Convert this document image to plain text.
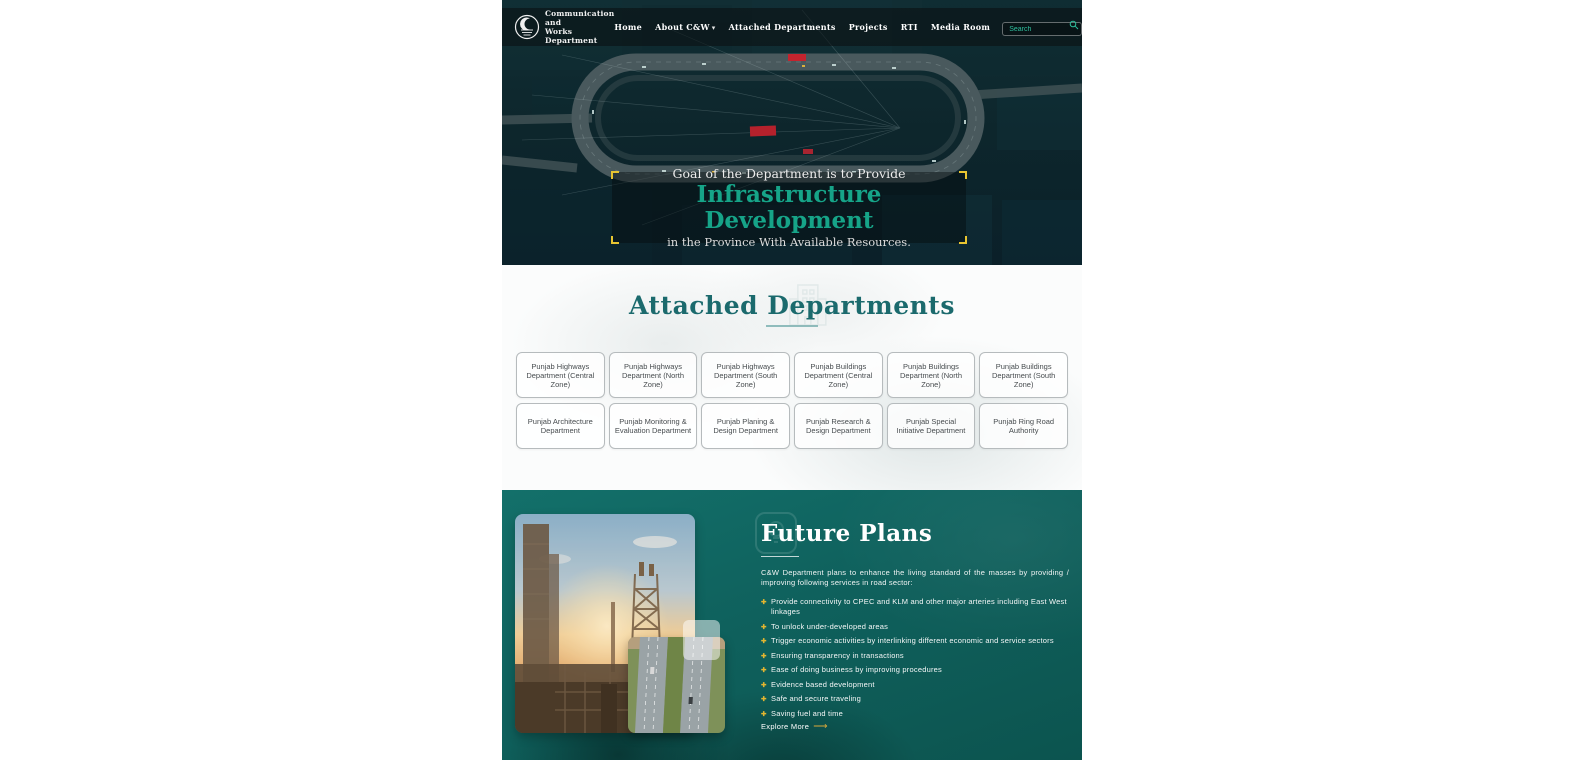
Communication and
Works Department
Home About C&W ▾ Attached Departments Projects RTI Media Room
Search
Goal of the Department is to Provide
Infrastructure Development
in the Province With Available Resources.
Attached Departments
Punjab Highways Department (Central Zone)
Punjab Highways Department (North Zone)
Punjab Highways Department (South Zone)
Punjab Buildings Department (Central Zone)
Punjab Buildings Department (North Zone)
Punjab Buildings Department (South Zone)
Punjab Architecture Department
Punjab Monitoring & Evaluation Department
Punjab Planing & Design Department
Punjab Research & Design Department
Punjab Special Initiative Department
Punjab Ring Road Authority
Future Plans
C&W Department plans to enhance the living standard of the masses by providing / improving following services in road sector:
✚ Provide connectivity to CPEC and KLM and other major arteries including East West linkages
✚ To unlock under-developed areas
✚ Trigger economic activities by interlinking different economic and service sectors
✚ Ensuring transparency in transactions
✚ Ease of doing business by improving procedures
✚ Evidence based development
✚ Safe and secure traveling
✚ Saving fuel and time
Explore More ⟶
